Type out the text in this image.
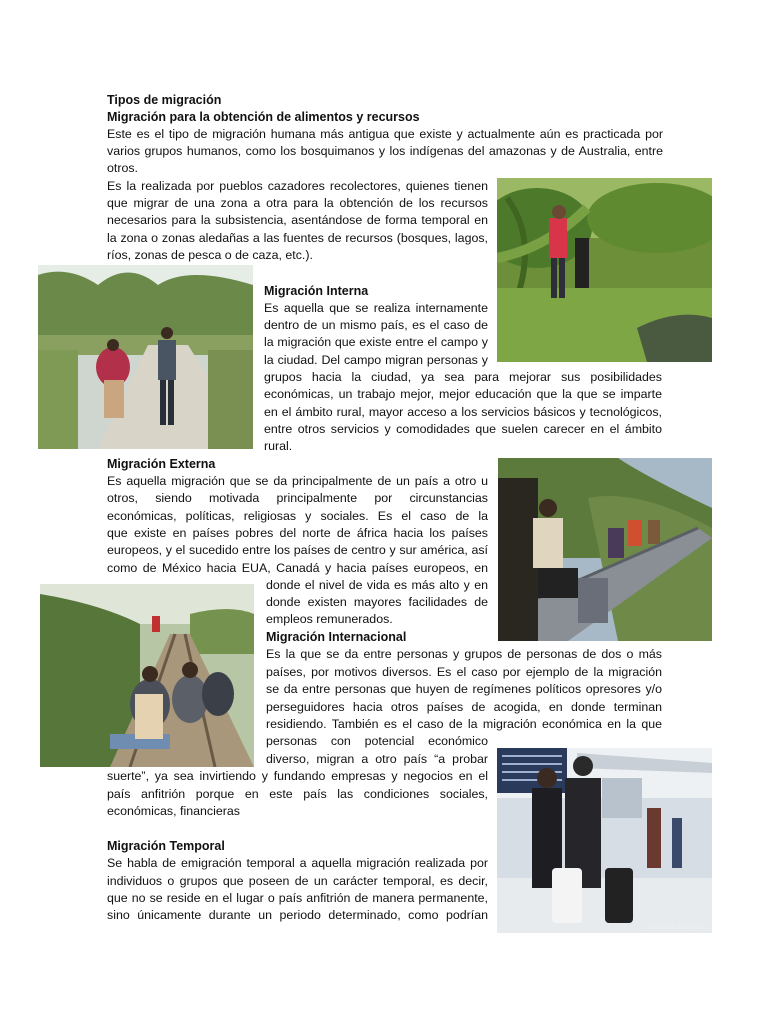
Tipos de migración

Migración para la obtención de alimentos y recursos

Este es el tipo de migración humana más antigua que existe y actualmente aún es practicada por

varios grupos humanos, como los bosquimanos y los indígenas del amazonas y de Australia, entre

otros.

Es la realizada por pueblos cazadores recolectores, quienes tienen

que migrar de una zona a otra para la obtención de los recursos

necesarios para la subsistencia, asentándose de forma temporal en

la zona o zonas aledañas a las fuentes de recursos (bosques, lagos,

ríos, zonas de pesca o de caza, etc.).

Migración Interna

Es aquella que se realiza internamente

dentro de un mismo país, es el caso de

la migración que existe entre el campo y

la ciudad. Del campo migran personas y

grupos hacia la ciudad, ya sea para mejorar sus posibilidades

económicas, un trabajo mejor, mejor educación que la que se imparte

en el ámbito rural, mayor acceso a los servicios básicos y tecnológicos,

entre otros servicios y comodidades que suelen carecer en el ámbito

rural.

Migración Externa

Es aquella migración que se da principalmente de un país a otro u

otros, siendo motivada principalmente por circunstancias

económicas, políticas, religiosas y sociales. Es el caso de la

que existe en países pobres del norte de áfrica hacia los países

europeos, y el sucedido entre los países de centro y sur américa, así

como de México hacia EUA, Canadá y hacia países europeos, en

donde el nivel de vida es más alto y en

donde existen mayores facilidades de

empleos remunerados.

Migración Internacional

Es la que se da entre personas y grupos de personas de dos o más

países, por motivos diversos. Es el caso por ejemplo de la migración

se da entre personas que huyen de regímenes políticos opresores y/o

perseguidores hacia otros países de acogida, en donde terminan

residiendo. También es el caso de la migración económica en la que

personas con potencial económico

diverso, migran a otro país “a probar

suerte”, ya sea invirtiendo y fundando empresas y negocios en el

país anfitrión porque en este país las condiciones sociales,

económicas, financieras

© Zdenek Bein / dpa

Migración Temporal

Se habla de emigración temporal a aquella migración realizada por

individuos o grupos que poseen de un carácter temporal, es decir,

que no se reside en el lugar o país anfitrión de manera permanente,

sino únicamente durante un periodo determinado, como podrían
